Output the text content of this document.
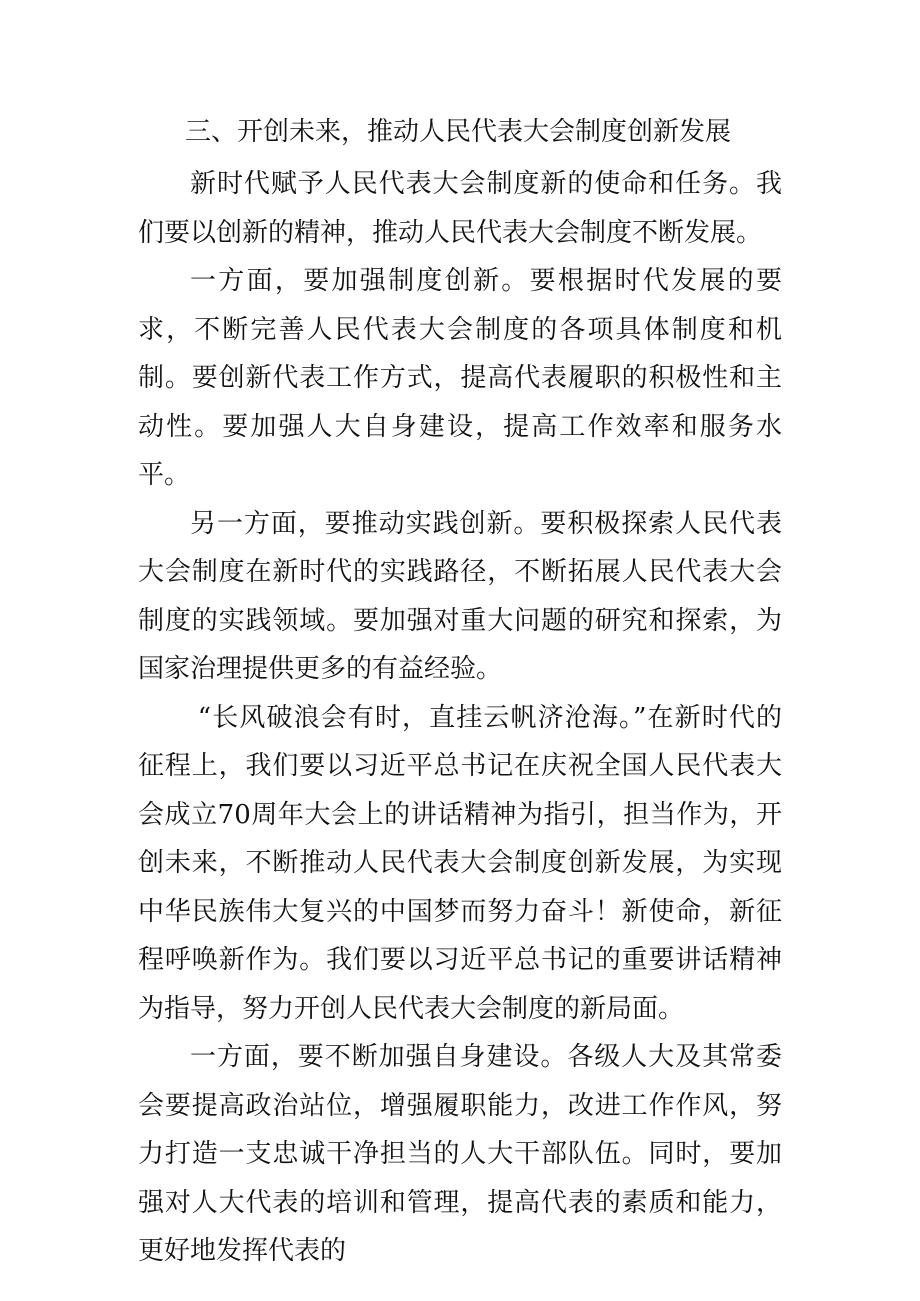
三、开创未来，推动人民代表大会制度创新发展

新时代赋予人民代表大会制度新的使命和任务。我们要以创新的精神，推动人民代表大会制度不断发展。

一方面，要加强制度创新。要根据时代发展的要求，不断完善人民代表大会制度的各项具体制度和机制。要创新代表工作方式，提高代表履职的积极性和主动性。要加强人大自身建设，提高工作效率和服务水平。

另一方面，要推动实践创新。要积极探索人民代表大会制度在新时代的实践路径，不断拓展人民代表大会制度的实践领域。要加强对重大问题的研究和探索，为国家治理提供更多的有益经验。

“长风破浪会有时，直挂云帆济沧海。”在新时代的征程上，我们要以习近平总书记在庆祝全国人民代表大会成立70周年大会上的讲话精神为指引，担当作为，开创未来，不断推动人民代表大会制度创新发展，为实现中华民族伟大复兴的中国梦而努力奋斗！新使命，新征程呼唤新作为。我们要以习近平总书记的重要讲话精神为指导，努力开创人民代表大会制度的新局面。

一方面，要不断加强自身建设。各级人大及其常委会要提高政治站位，增强履职能力，改进工作作风，努力打造一支忠诚干净担当的人大干部队伍。同时，要加强对人大代表的培训和管理，提高代表的素质和能力，更好地发挥代表的
